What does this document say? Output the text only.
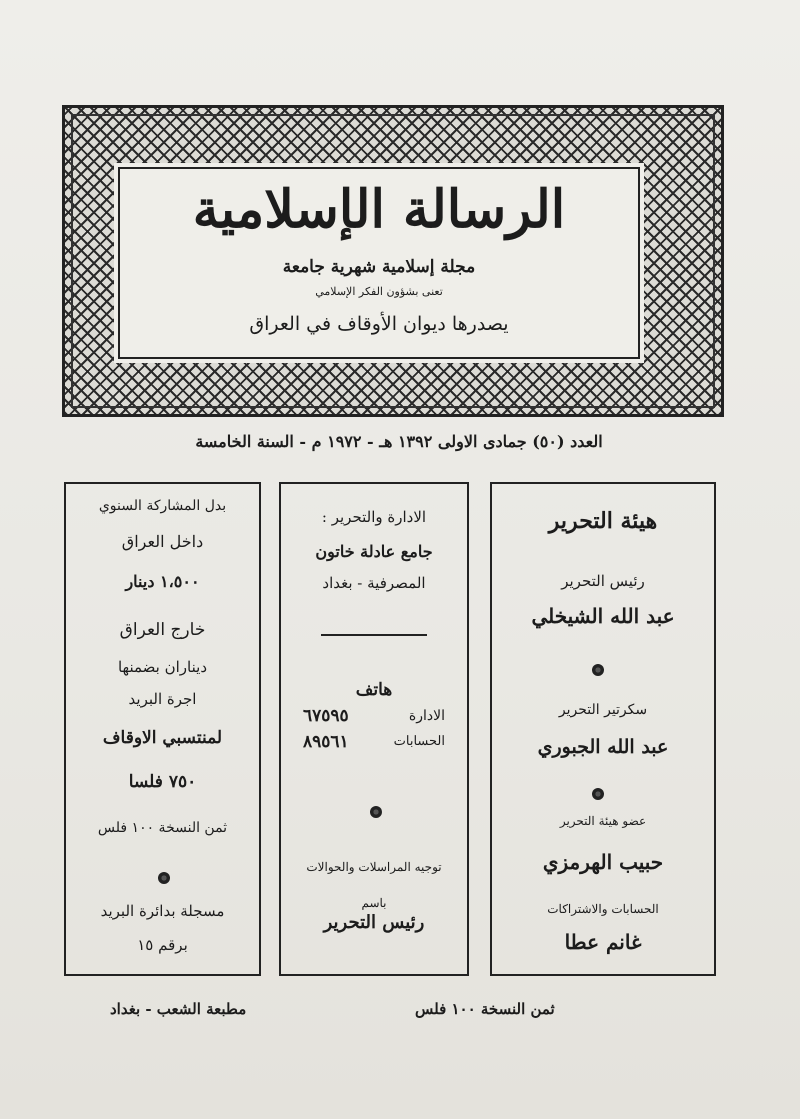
الرسالة الإسلامية
مجلة إسلامية شهرية جامعة
تعنى بشؤون الفكر الإسلامي
يصدرها ديوان الأوقاف في العراق
العدد (٥٠) جمادى الاولى ١٣٩٢ هـ - ١٩٧٢ م - السنة الخامسة
هيئة التحرير
رئيس التحرير
عبد الله الشيخلي
سكرتير التحرير
عبد الله الجبوري
عضو هيئة التحرير
حبيب الهرمزي
الحسابات والاشتراكات
غانم عطا
الادارة والتحرير :
جامع عادلة خاتون
المصرفية - بغداد
هاتف
الادارة
٦٧٥٩٥
الحسابات
٨٩٥٦١
توجيه المراسلات والحوالات
باسم
رئيس التحرير
بدل المشاركة السنوي
داخل العراق
١،٥٠٠ دينار
خارج العراق
ديناران بضمنها
اجرة البريد
لمنتسبي الاوقاف
٧٥٠ فلسا
ثمن النسخة ١٠٠ فلس
مسجلة بدائرة البريد
برقم ١٥
ثمن النسخة ١٠٠ فلس
مطبعة الشعب - بغداد
